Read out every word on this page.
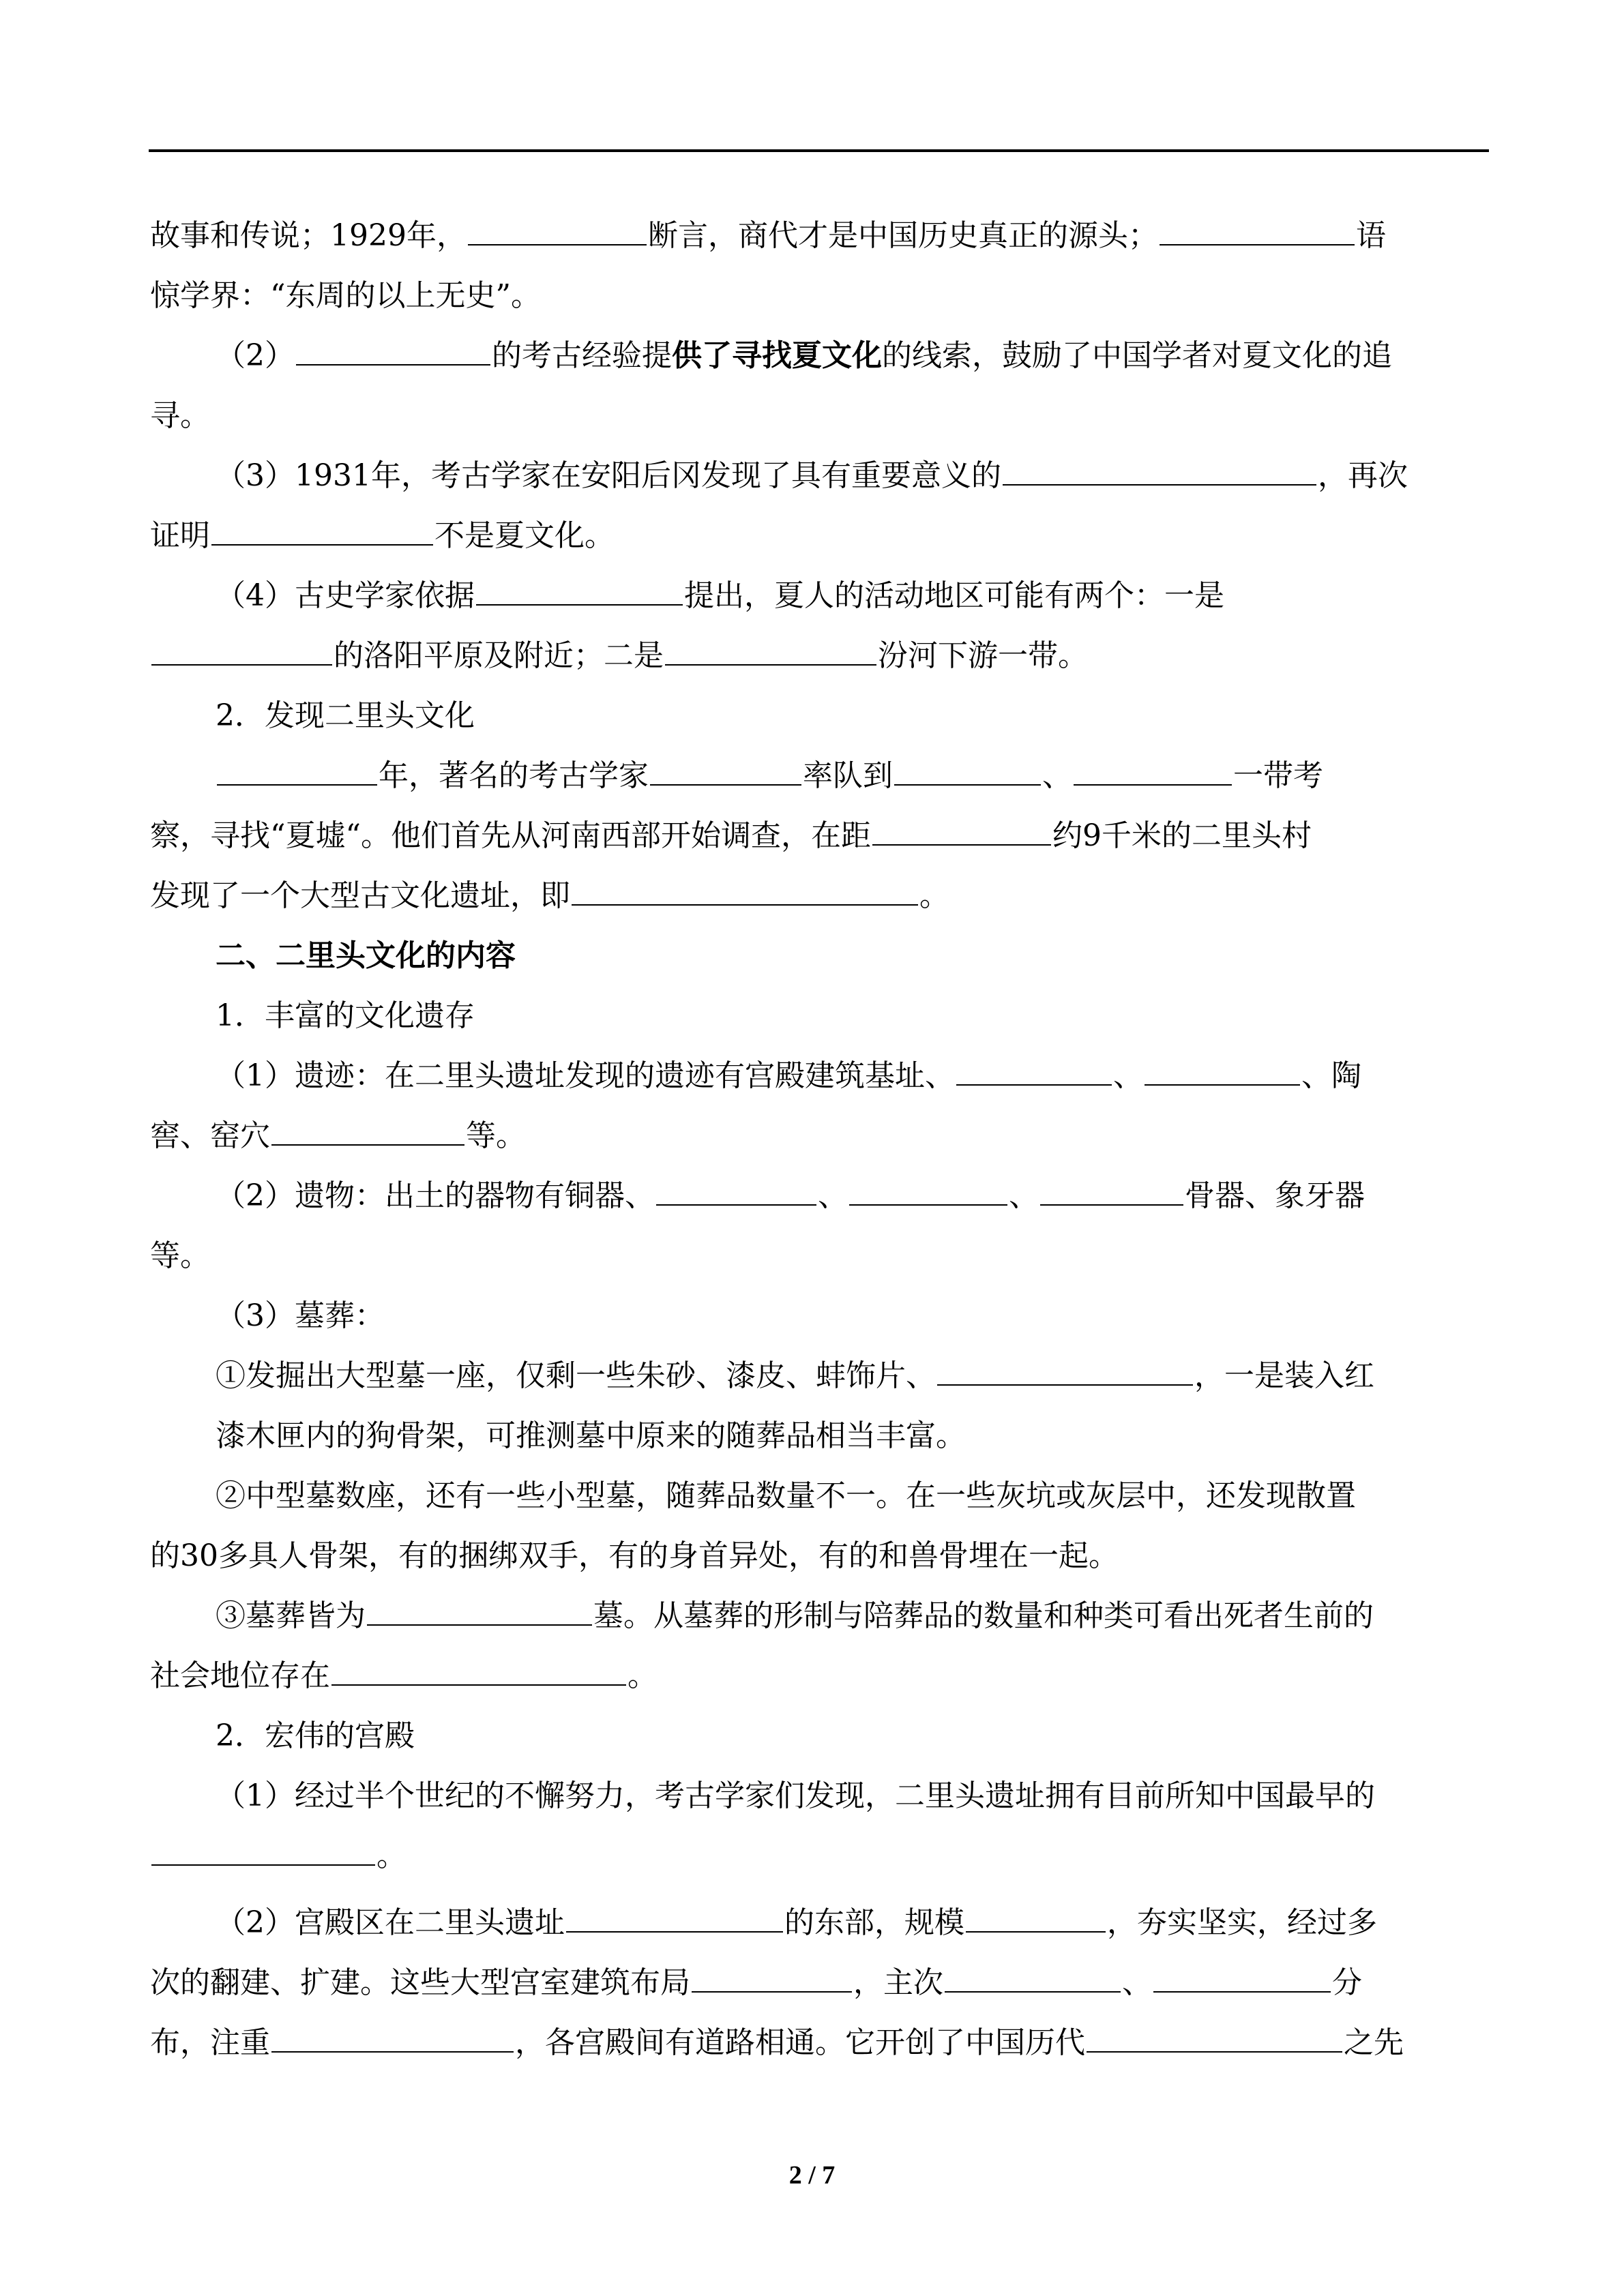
故事和传说；1929年，	断言，商代才是中国历史真正的源头；	语
惊学界：“东周的以上无史”。
（2）	的考古经验提供了寻找夏文化的线索，鼓励了中国学者对夏文化的追
寻。
（3）1931年，考古学家在安阳后冈发现了具有重要意义的	，再次
证明	不是夏文化。
（4）古史学家依据	提出，夏人的活动地区可能有两个：一是
的洛阳平原及附近；二是	汾河下游一带。
2．发现二里头文化
年，著名的考古学家	率队到	、	一带考
察，寻找“夏墟“。他们首先从河南西部开始调查，在距	约9千米的二里头村
发现了一个大型古文化遗址，即	。
二、二里头文化的内容
1．丰富的文化遗存
（1）遗迹：在二里头遗址发现的遗迹有宫殿建筑基址、	、	、陶
窖、窑穴	等。
（2）遗物：出土的器物有铜器、	、	、	骨器、象牙器
等。
（3）墓葬：
①发掘出大型墓一座，仅剩一些朱砂、漆皮、蚌饰片、	，一是装入红
漆木匣内的狗骨架，可推测墓中原来的随葬品相当丰富。
②中型墓数座，还有一些小型墓，随葬品数量不一。在一些灰坑或灰层中，还发现散置
的30多具人骨架，有的捆绑双手，有的身首异处，有的和兽骨埋在一起。
③墓葬皆为	墓。从墓葬的形制与陪葬品的数量和种类可看出死者生前的
社会地位存在	。
2．宏伟的宫殿
（1）经过半个世纪的不懈努力，考古学家们发现，二里头遗址拥有目前所知中国最早的
。
（2）宫殿区在二里头遗址	的东部，规模	，夯实坚实，经过多
次的翻建、扩建。这些大型宫室建筑布局	，主次	、	分
布，注重	，各宫殿间有道路相通。它开创了中国历代	之先
2 / 7
